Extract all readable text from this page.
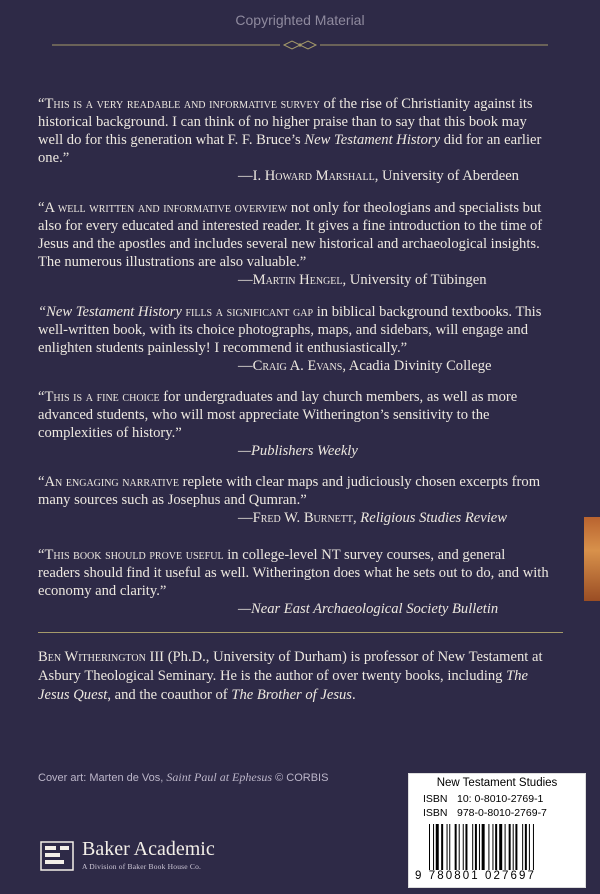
Copyrighted Material
“This is a very readable and informative survey of the rise of Christianity against its historical background. I can think of no higher praise than to say that this book may well do for this generation what F. F. Bruce’s New Testament History did for an earlier one.”
—I. Howard Marshall, University of Aberdeen
“A well written and informative overview not only for theologians and specialists but also for every educated and interested reader. It gives a fine introduction to the time of Jesus and the apostles and includes several new historical and archaeological insights. The numerous illustrations are also valuable.”
—Martin Hengel, University of Tübingen
“New Testament History fills a significant gap in biblical background textbooks. This well-written book, with its choice photographs, maps, and sidebars, will engage and enlighten students painlessly! I recommend it enthusiastically.”
—Craig A. Evans, Acadia Divinity College
“This is a fine choice for undergraduates and lay church members, as well as more advanced students, who will most appreciate Witherington’s sensitivity to the complexities of history.”
—Publishers Weekly
“An engaging narrative replete with clear maps and judiciously chosen excerpts from many sources such as Josephus and Qumran.”
—Fred W. Burnett, Religious Studies Review
“This book should prove useful in college-level NT survey courses, and general readers should find it useful as well. Witherington does what he sets out to do, and with economy and clarity.”
—Near East Archaeological Society Bulletin
Ben Witherington III (Ph.D., University of Durham) is professor of New Testament at Asbury Theological Seminary. He is the author of over twenty books, including The Jesus Quest, and the coauthor of The Brother of Jesus.
Cover art: Marten de Vos, Saint Paul at Ephesus © CORBIS
Baker Academic
A Division of Baker Book House Co.
New Testament Studies
ISBN 10: 0-8010-2769-1
ISBN 978-0-8010-2769-7
9 780801 027697
